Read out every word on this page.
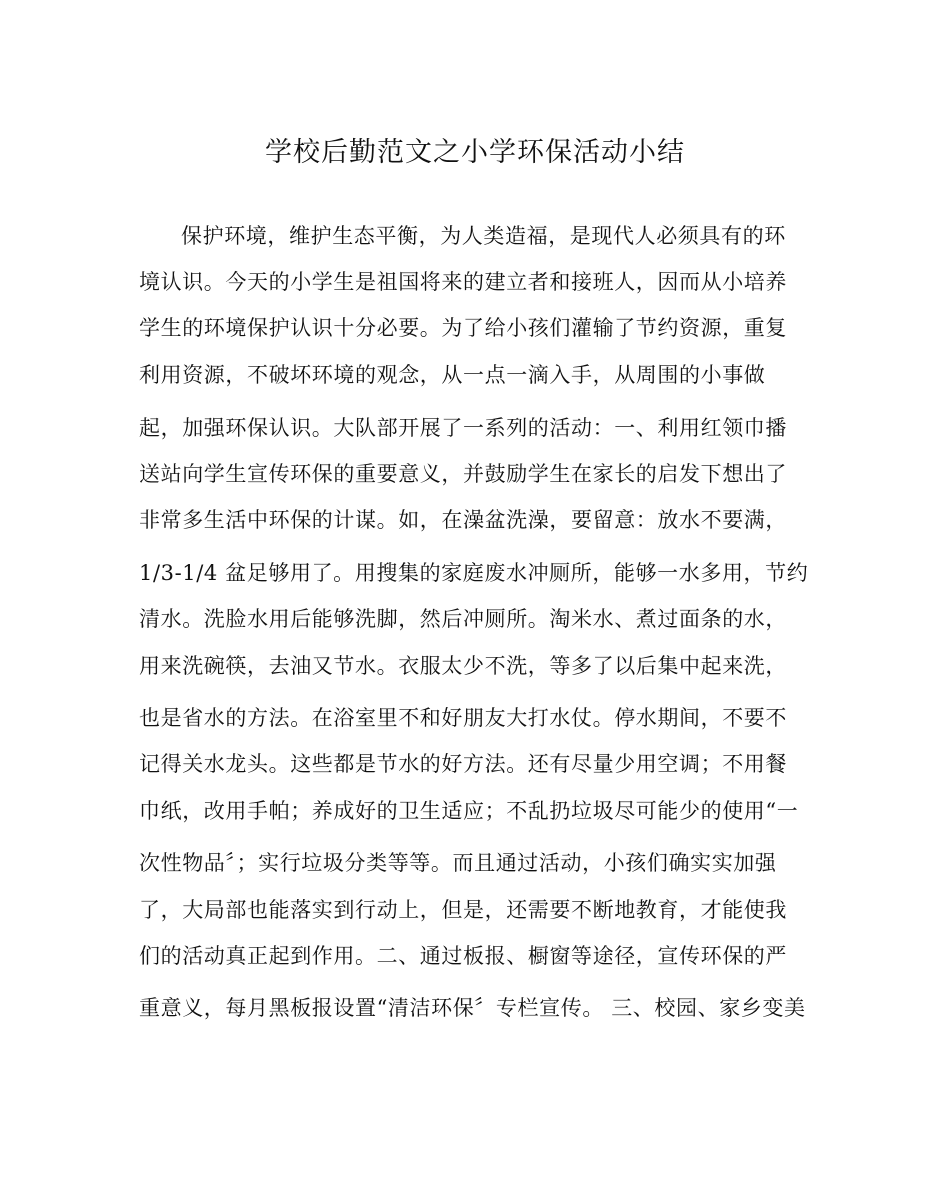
学校后勤范文之小学环保活动小结
保护环境，维护生态平衡，为人类造福，是现代人必须具有的环
境认识。今天的小学生是祖国将来的建立者和接班人，因而从小培养
学生的环境保护认识十分必要。为了给小孩们灌输了节约资源，重复
利用资源，不破坏环境的观念，从一点一滴入手，从周围的小事做
起，加强环保认识。大队部开展了一系列的活动：一、利用红领巾播
送站向学生宣传环保的重要意义，并鼓励学生在家长的启发下想出了
非常多生活中环保的计谋。如，在澡盆洗澡，要留意：放水不要满，
1/3-1/4 盆足够用了。用搜集的家庭废水冲厕所，能够一水多用，节约
清水。洗脸水用后能够洗脚，然后冲厕所。淘米水、煮过面条的水，
用来洗碗筷，去油又节水。衣服太少不洗，等多了以后集中起来洗，
也是省水的方法。在浴室里不和好朋友大打水仗。停水期间，不要不
记得关水龙头。这些都是节水的好方法。还有尽量少用空调；不用餐
巾纸，改用手帕；养成好的卫生适应；不乱扔垃圾尽可能少的使用“一
次性物品〞；实行垃圾分类等等。而且通过活动，小孩们确实实加强
了，大局部也能落实到行动上，但是，还需要不断地教育，才能使我
们的活动真正起到作用。二、通过板报、橱窗等途径，宣传环保的严
重意义，每月黑板报设置“清洁环保〞专栏宣传。 三、校园、家乡变美
